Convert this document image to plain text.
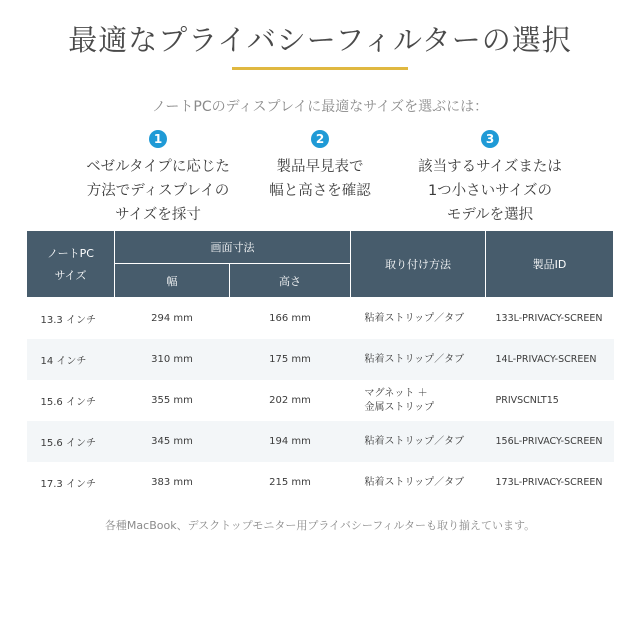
最適なプライバシーフィルターの選択
ノートPCのディスプレイに最適なサイズを選ぶには：
1
ベゼルタイプに応じた
方法でディスプレイの
サイズを採寸
2
製品早見表で
幅と高さを確認
3
該当するサイズまたは
1つ小さいサイズの
モデルを選択
ノートPC
サイズ	画面寸法		取り付け方法	製品ID
	幅	高さ		
13.3 インチ	294 mm	166 mm	粘着ストリップ／タブ	133L-PRIVACY-SCREEN
14 インチ	310 mm	175 mm	粘着ストリップ／タブ	14L-PRIVACY-SCREEN
15.6 インチ	355 mm	202 mm	マグネット ＋
金属ストリップ	PRIVSCNLT15
15.6 インチ	345 mm	194 mm	粘着ストリップ／タブ	156L-PRIVACY-SCREEN
17.3 インチ	383 mm	215 mm	粘着ストリップ／タブ	173L-PRIVACY-SCREEN
各種MacBook、デスクトップモニター用プライバシーフィルターも取り揃えています。
